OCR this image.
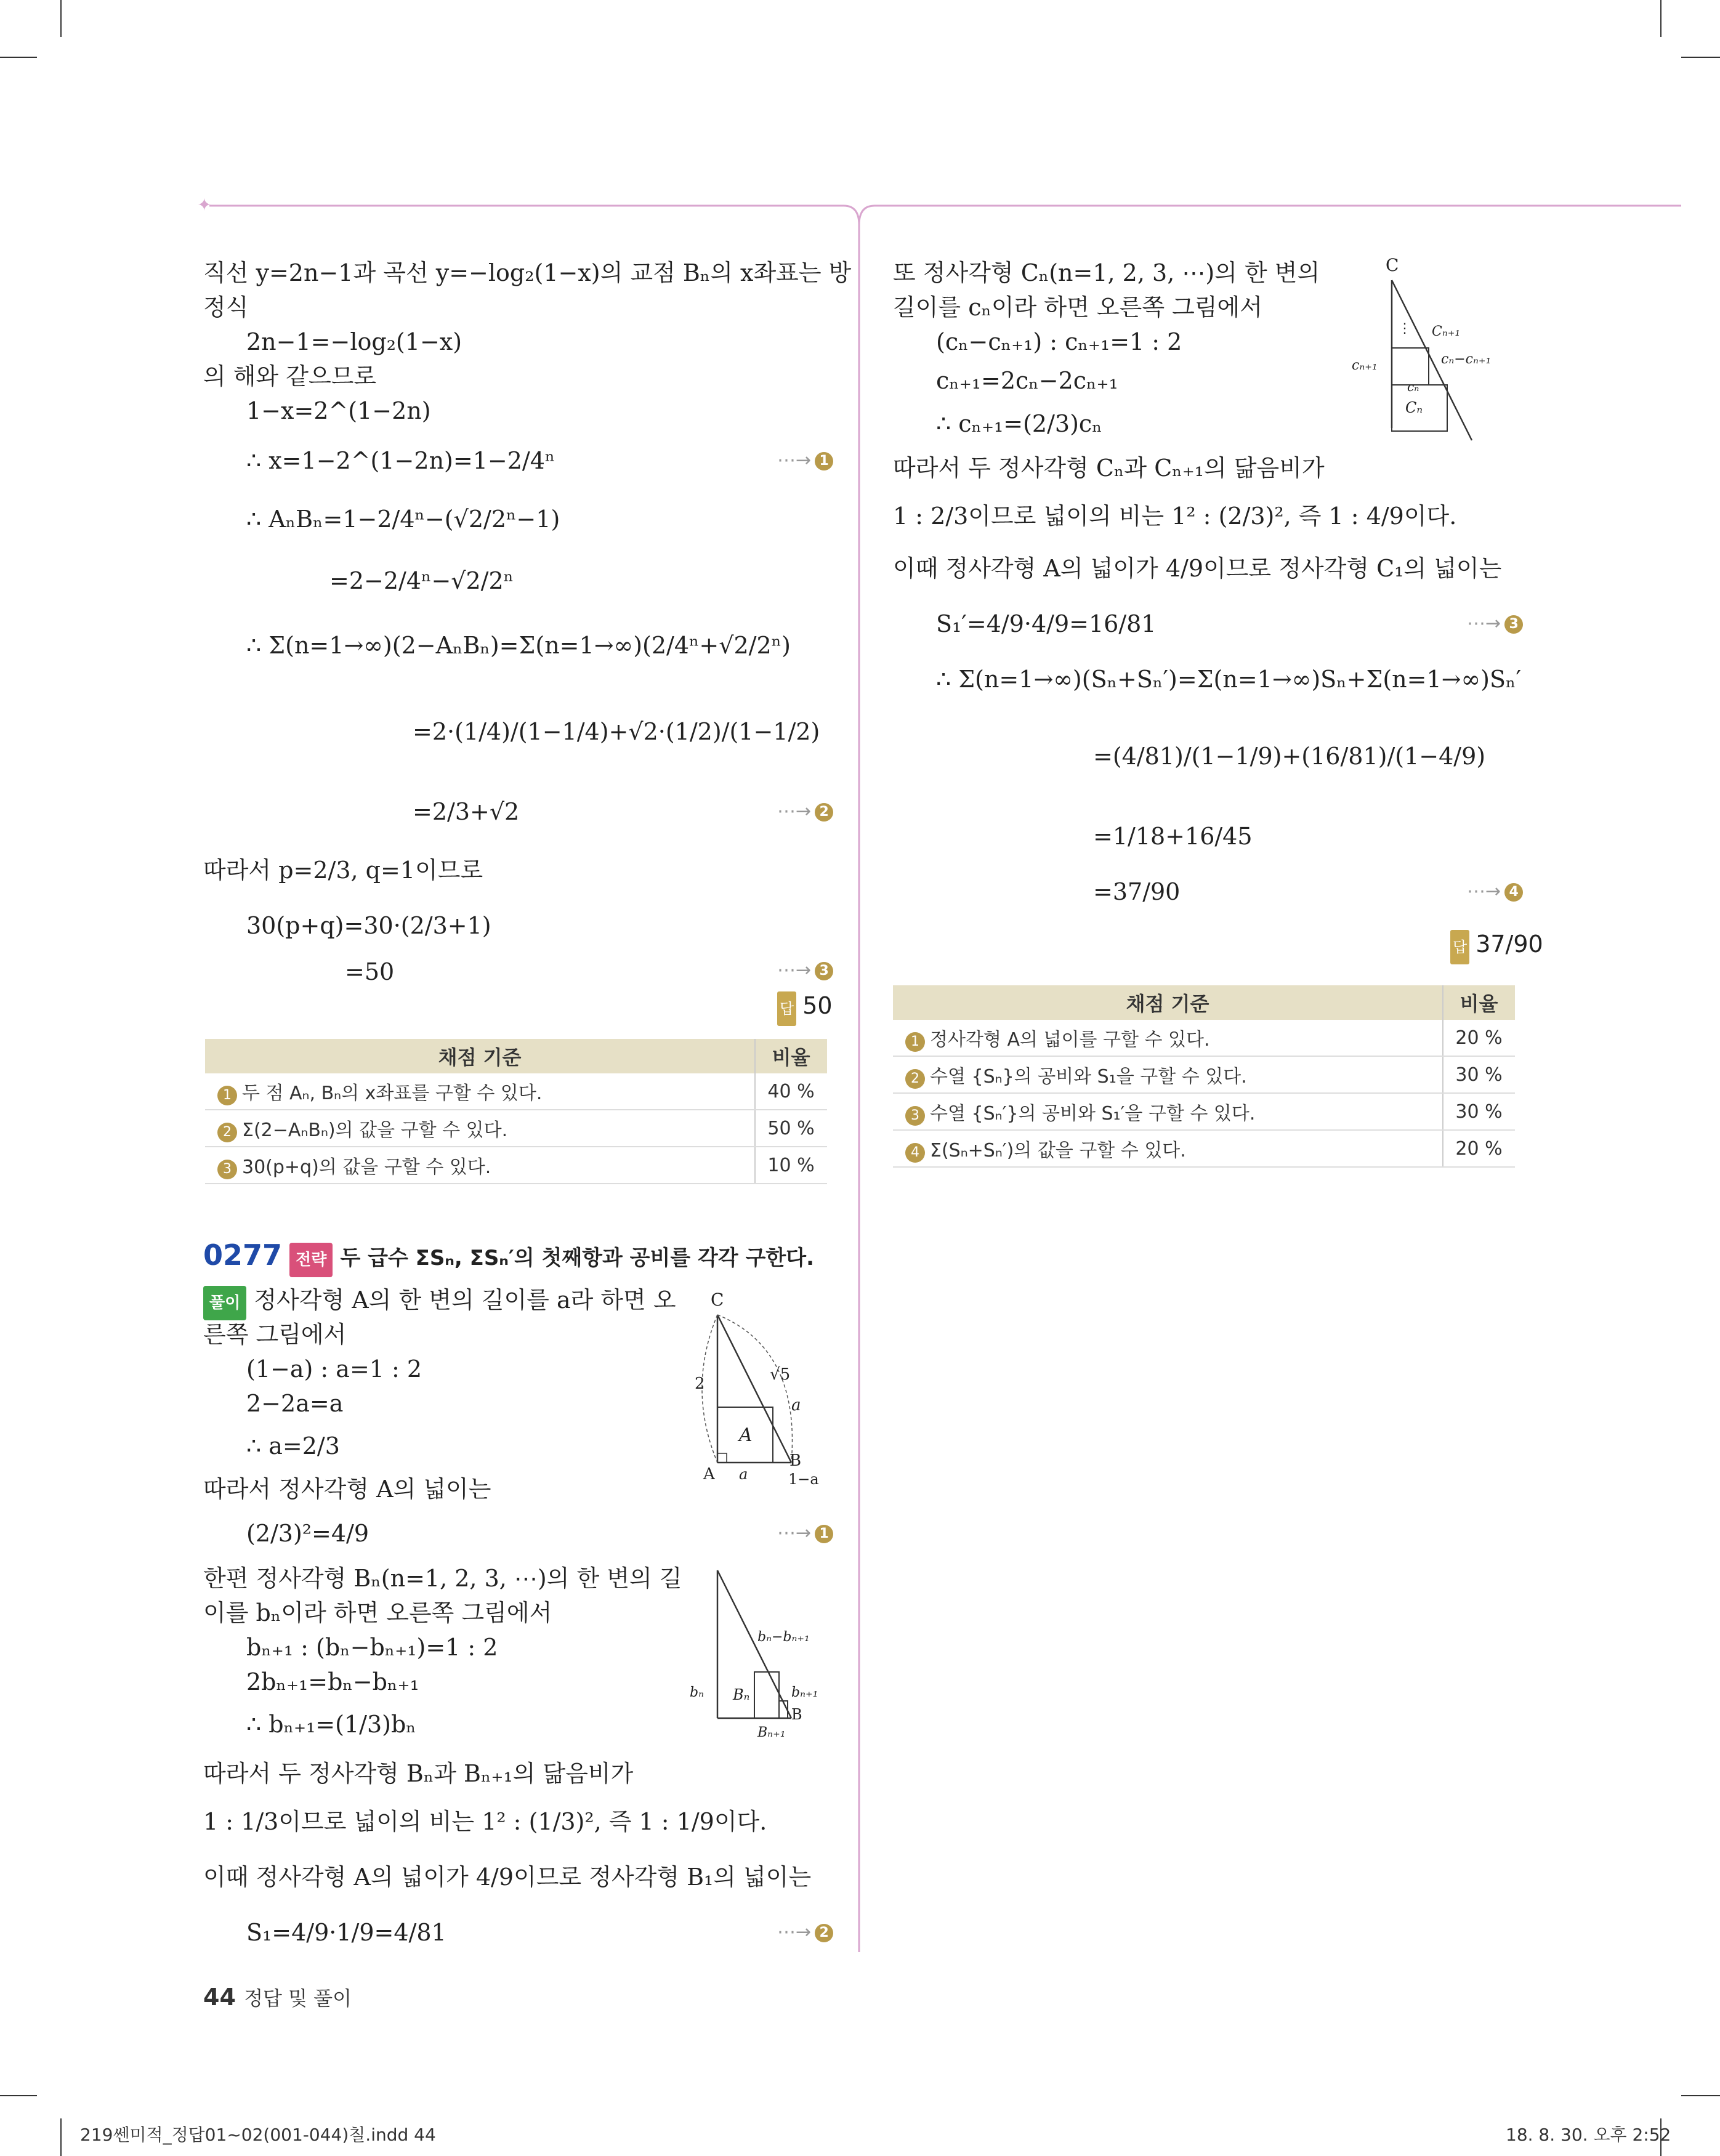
✦
직선 y=2n−1과 곡선 y=−log₂(1−x)의 교점 Bₙ의 x좌표는 방
정식
2n−1=−log₂(1−x)
의 해와 같으므로
1−x=2^(1−2n)
∴ x=1−2^(1−2n)=1−2/4ⁿ	⋯→ 1
∴ AₙBₙ=1−2/4ⁿ−(√2/2ⁿ−1)
=2−2/4ⁿ−√2/2ⁿ
∴ Σ(n=1→∞)(2−AₙBₙ)=Σ(n=1→∞)(2/4ⁿ+√2/2ⁿ)
=2·(1/4)/(1−1/4)+√2·(1/2)/(1−1/2)
=2/3+√2	⋯→ 2
따라서 p=2/3, q=1이므로
30(p+q)=30·(2/3+1)
=50	⋯→ 3
답 50
채점 기준	비율
1 두 점 Aₙ, Bₙ의 x좌표를 구할 수 있다.	40 %
2 Σ(2−AₙBₙ)의 값을 구할 수 있다.	50 %
3 30(p+q)의 값을 구할 수 있다.	10 %
0277 전략 두 급수 ΣSₙ, ΣSₙ′의 첫째항과 공비를 각각 구한다.
풀이 정사각형 A의 한 변의 길이를 a라 하면 오
른쪽 그림에서
(1−a) : a=1 : 2
2−2a=a
∴ a=2/3
따라서 정사각형 A의 넓이는
(2/3)²=4/9	⋯→ 1
한편 정사각형 Bₙ(n=1, 2, 3, ⋯)의 한 변의 길
이를 bₙ이라 하면 오른쪽 그림에서
bₙ₊₁ : (bₙ−bₙ₊₁)=1 : 2
2bₙ₊₁=bₙ−bₙ₊₁
∴ bₙ₊₁=(1/3)bₙ
따라서 두 정사각형 Bₙ과 Bₙ₊₁의 닮음비가
1 : 1/3이므로 넓이의 비는 1² : (1/3)², 즉 1 : 1/9이다.
이때 정사각형 A의 넓이가 4/9이므로 정사각형 B₁의 넓이는
S₁=4/9·1/9=4/81	⋯→ 2
C
A
2	√5
a
A a
B
1−a
bₙ Bₙ
bₙ−bₙ₊₁
bₙ₊₁
B
Bₙ₊₁
또 정사각형 Cₙ(n=1, 2, 3, ⋯)의 한 변의
길이를 cₙ이라 하면 오른쪽 그림에서
(cₙ−cₙ₊₁) : cₙ₊₁=1 : 2
cₙ₊₁=2cₙ−2cₙ₊₁
∴ cₙ₊₁=(2/3)cₙ
따라서 두 정사각형 Cₙ과 Cₙ₊₁의 닮음비가
1 : 2/3이므로 넓이의 비는 1² : (2/3)², 즉 1 : 4/9이다.
이때 정사각형 A의 넓이가 4/9이므로 정사각형 C₁의 넓이는
S₁′=4/9·4/9=16/81	⋯→ 3
∴ Σ(n=1→∞)(Sₙ+Sₙ′)=Σ(n=1→∞)Sₙ+Σ(n=1→∞)Sₙ′
=(4/81)/(1−1/9)+(16/81)/(1−4/9)
=1/18+16/45
=37/90	⋯→ 4
답 37/90
채점 기준	비율
1 정사각형 A의 넓이를 구할 수 있다.	20 %
2 수열 {Sₙ}의 공비와 S₁을 구할 수 있다.	30 %
3 수열 {Sₙ′}의 공비와 S₁′을 구할 수 있다.	30 %
4 Σ(Sₙ+Sₙ′)의 값을 구할 수 있다.	20 %
C
⋮
cₙ₊₁
Cₙ₊₁
cₙ−cₙ₊₁
cₙ
Cₙ
44 정답 및 풀이
219쎈미적_정답01~02(001-044)칠.indd 44	18. 8. 30. 오후 2:52
